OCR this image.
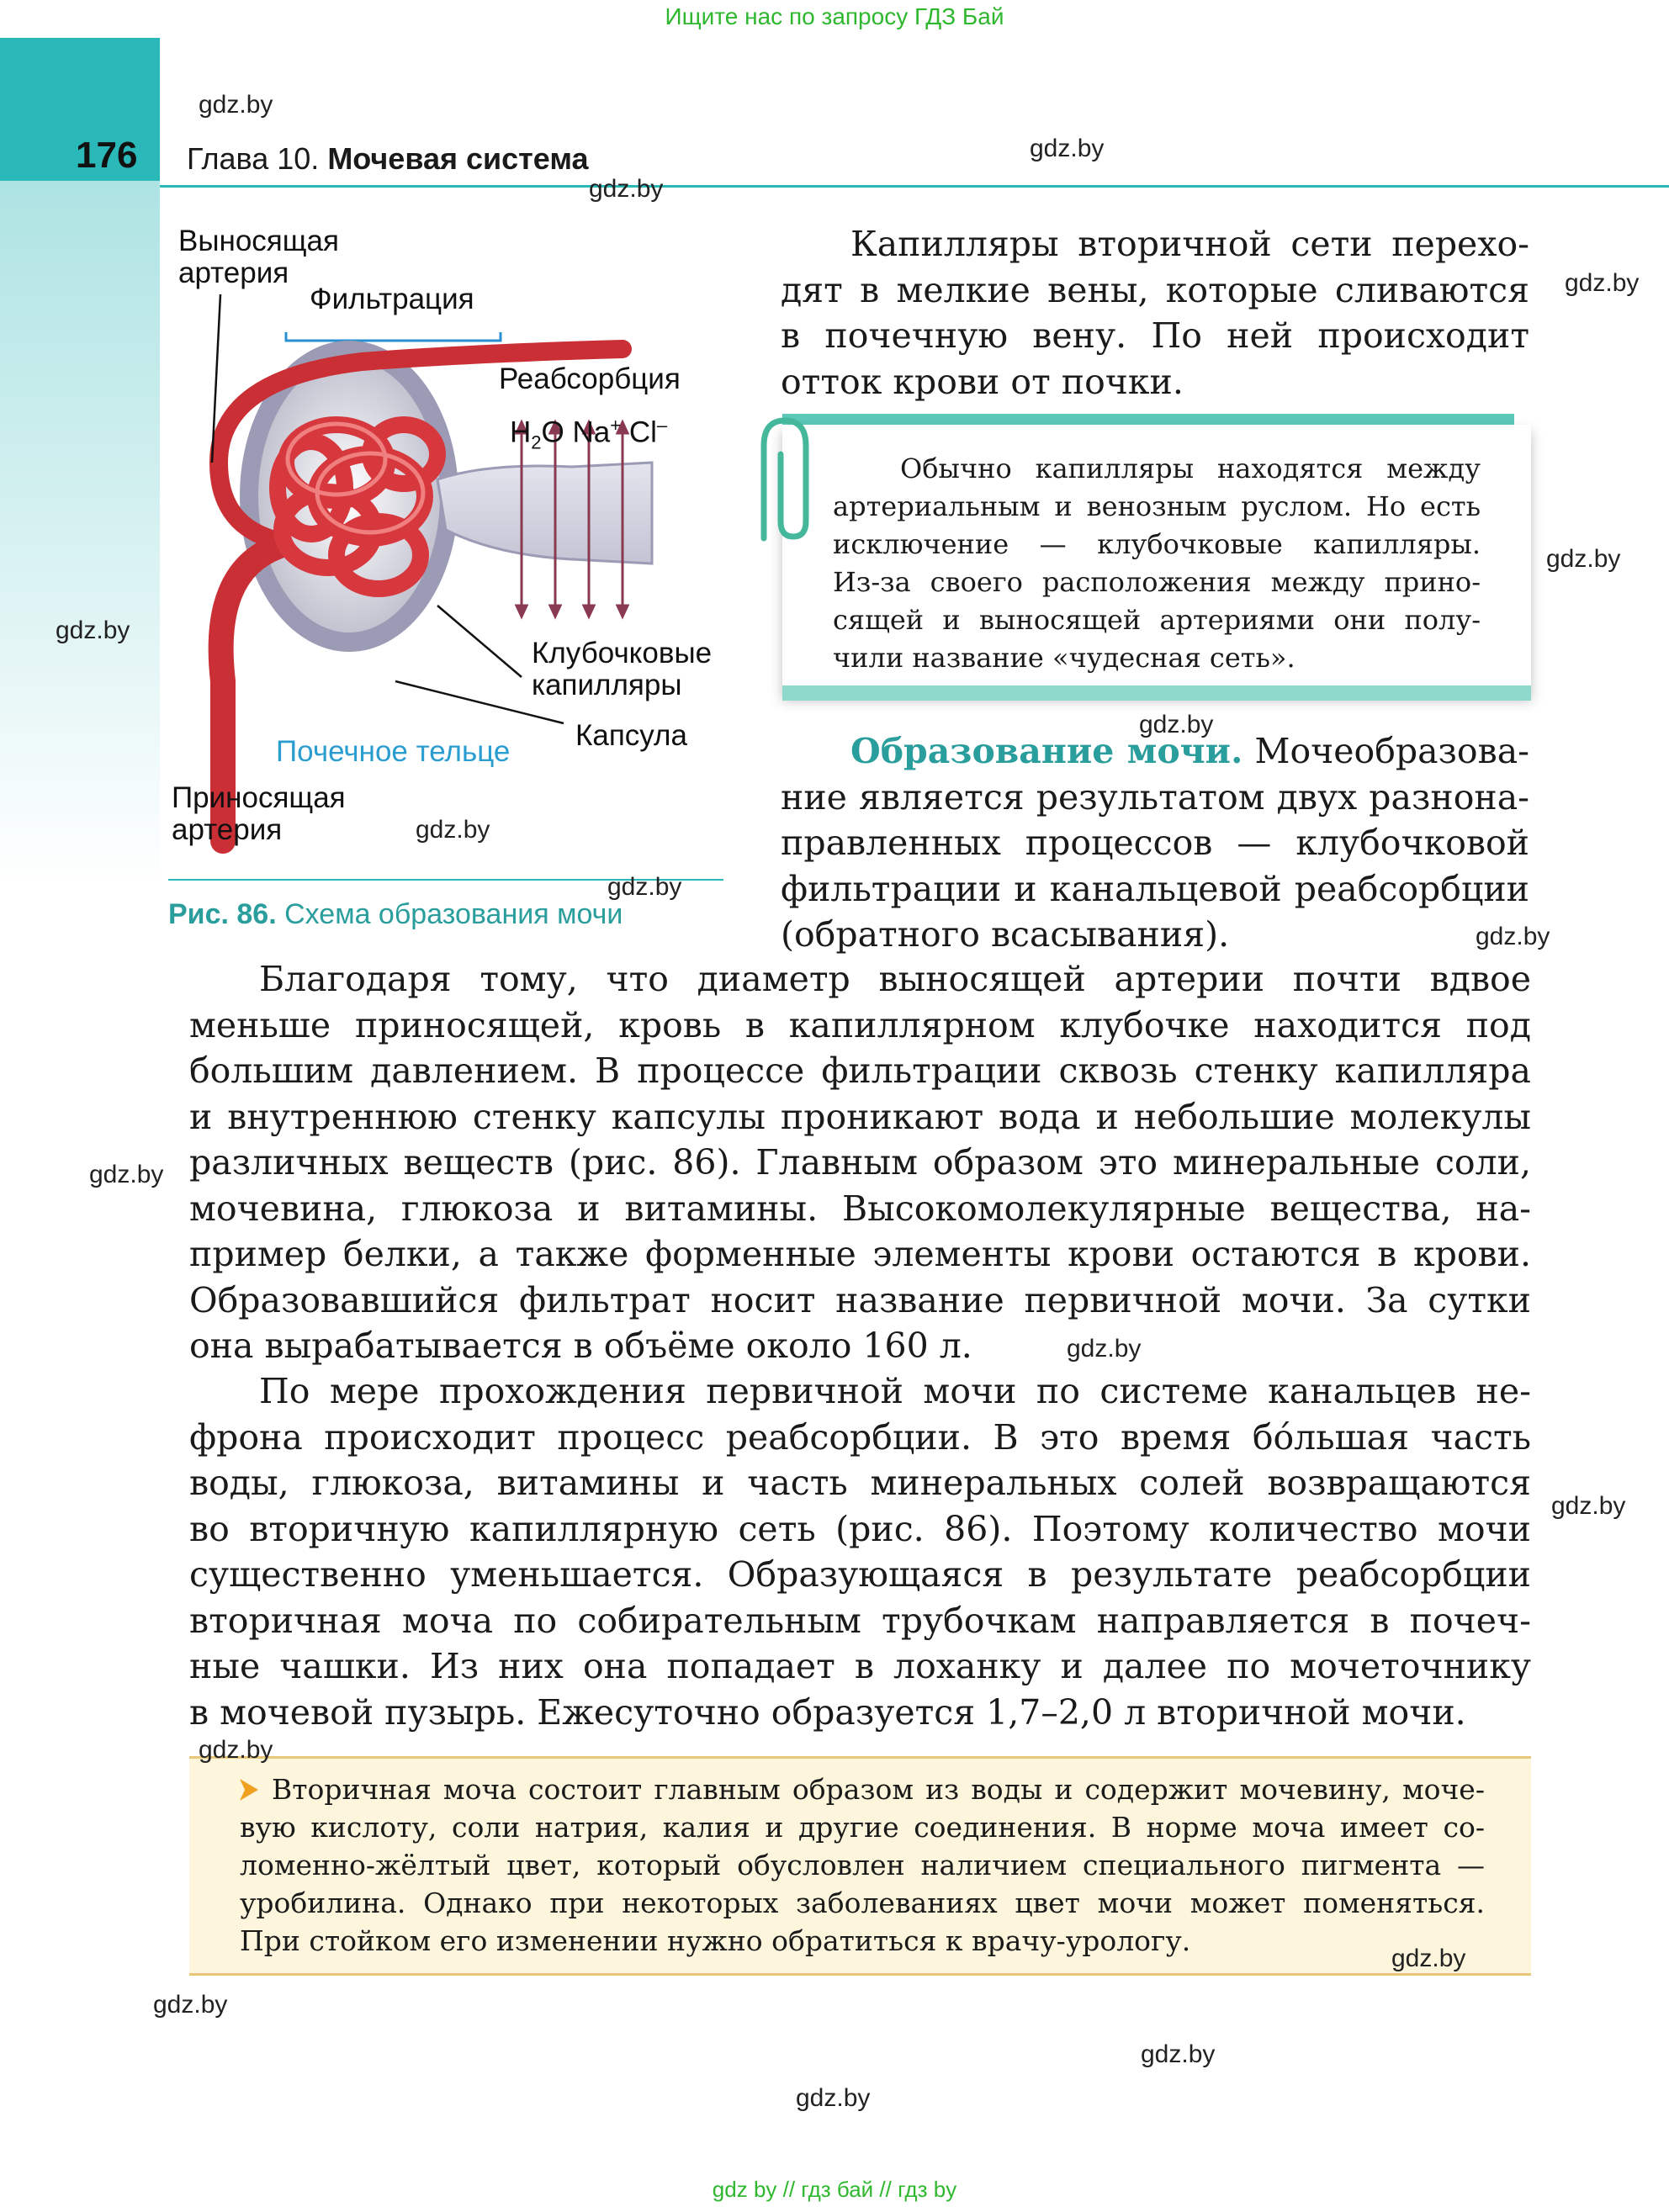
Ищите нас по запросу ГДЗ Бай
176 Глава 10. Мочевая система
Выносящая
артерия
Фильтрация
Реабсорбция
$H_2O$ Na+ Cl–
Клубочковые
капилляры
Капсула
Почечное тельце
Приносящая
артерия
Рис. 86. Схема образования мочи
Капилляры вторичной сети перехо-
дят в мелкие вены, которые сливаются
в почечную вену. По ней происходит
отток крови от почки.
Обычно капилляры находятся между
артериальным и венозным руслом. Но есть
исключение — клубочковые капилляры.
Из-за своего расположения между прино-
сящей и выносящей артериями они полу-
чили название «чудесная сеть».
Образование мочи. Мочеобразова-
ние является результатом двух разнона-
правленных процессов — клубочковой
фильтрации и канальцевой реабсорбции
(обратного всасывания).
Благодаря тому, что диаметр выносящей артерии почти вдвое
меньше приносящей, кровь в капиллярном клубочке находится под
большим давлением. В процессе фильтрации сквозь стенку капилляра
и внутреннюю стенку капсулы проникают вода и небольшие молекулы
различных веществ (рис. 86). Главным образом это минеральные соли,
мочевина, глюкоза и витамины. Высокомолекулярные вещества, на-
пример белки, а также форменные элементы крови остаются в крови.
Образовавшийся фильтрат носит название первичной мочи. За сутки
она вырабатывается в объёме около 160 л.
По мере прохождения первичной мочи по системе канальцев не-
фрона происходит процесс реабсорбции. В это время бóльшая часть
воды, глюкоза, витамины и часть минеральных солей возвращаются
во вторичную капиллярную сеть (рис. 86). Поэтому количество мочи
существенно уменьшается. Образующаяся в результате реабсорбции
вторичная моча по собирательным трубочкам направляется в почеч-
ные чашки. Из них она попадает в лоханку и далее по мочеточнику
в мочевой пузырь. Ежесуточно образуется 1,7–2,0 л вторичной мочи.
Вторичная моча состоит главным образом из воды и содержит мочевину, моче-
вую кислоту, соли натрия, калия и другие соединения. В норме моча имеет со-
ломенно-жёлтый цвет, который обусловлен наличием специального пигмента —
уробилина. Однако при некоторых заболеваниях цвет мочи может поменяться.
При стойком его изменении нужно обратиться к врачу-урологу.
gdz.by
gdz.by
gdz.by
gdz.by
gdz.by
gdz.by
gdz.by
gdz.by
gdz.by
gdz.by
gdz.by
gdz.by
gdz.by
gdz.by
gdz.by
gdz.by
gdz.by
gdz.by
gdz by // гдз бай // гдз by
